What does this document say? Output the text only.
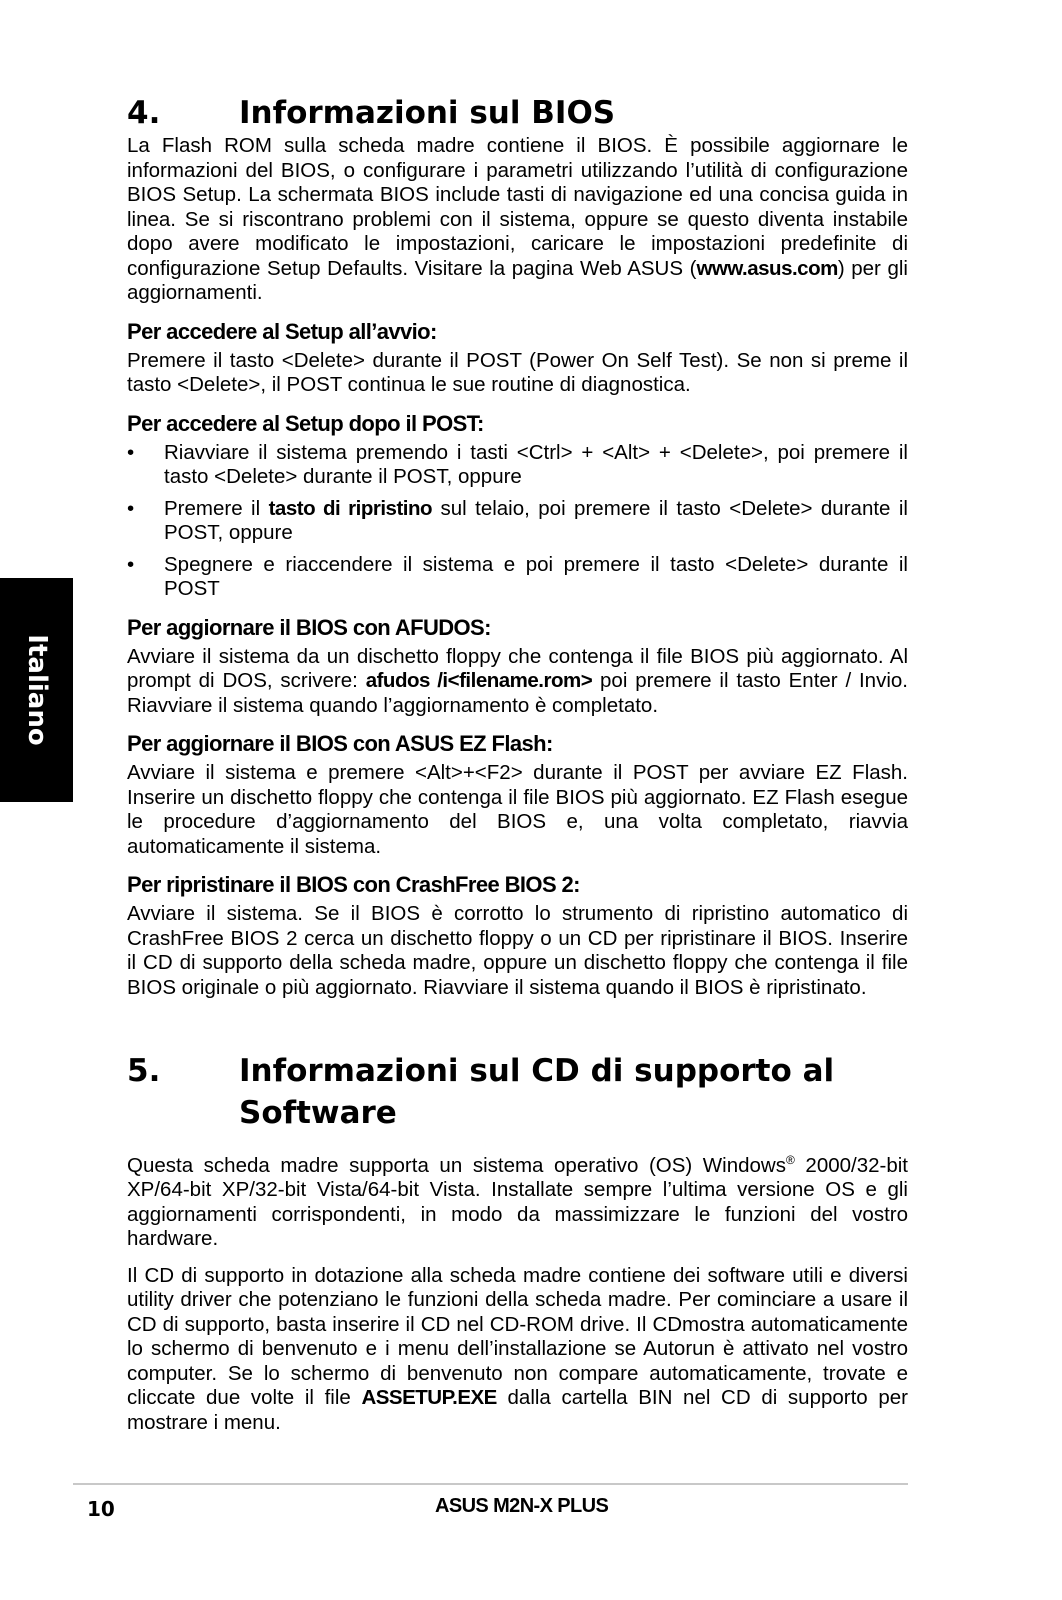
Italiano
4.	Informazioni sul BIOS

La Flash ROM sulla scheda madre contiene il BIOS. È possibile aggiornare le informazioni del BIOS, o configurare i parametri utilizzando l’utilità di configurazione BIOS Setup. La schermata BIOS include tasti di navigazione ed una concisa guida in linea. Se si riscontrano problemi con il sistema, oppure se questo diventa instabile dopo avere modificato le impostazioni, caricare le impostazioni predefinite di configurazione Setup Defaults. Visitare la pagina Web ASUS (www.asus.com) per gli aggiornamenti.

Per accedere al Setup all’avvio:

Premere il tasto <Delete> durante il POST (Power On Self Test). Se non si preme il tasto <Delete>, il POST continua le sue routine di diagnostica.

Per accedere al Setup dopo il POST:
•	Riavviare il sistema premendo i tasti <Ctrl> + <Alt> + <Delete>, poi premere il tasto <Delete> durante il POST, oppure
•	Premere il tasto di ripristino sul telaio, poi premere il tasto <Delete> durante il POST, oppure
•	Spegnere e riaccendere il sistema e poi premere il tasto <Delete> durante il POST
Per aggiornare il BIOS con AFUDOS:

Avviare il sistema da un dischetto floppy che contenga il file BIOS più aggiornato. Al prompt di DOS, scrivere: afudos /i<filename.rom> poi premere il tasto Enter / Invio. Riavviare il sistema quando l’aggiornamento è completato.

Per aggiornare il BIOS con ASUS EZ Flash:

Avviare il sistema e premere <Alt>+<F2> durante il POST per avviare EZ Flash. Inserire un dischetto floppy che contenga il file BIOS più aggiornato. EZ Flash esegue le procedure d’aggiornamento del BIOS e, una volta completato, riavvia automaticamente il sistema.

Per ripristinare il BIOS con CrashFree BIOS 2:

Avviare il sistema. Se il BIOS è corrotto lo strumento di ripristino automatico di CrashFree BIOS 2 cerca un dischetto floppy o un CD per ripristinare il BIOS. Inserire il CD di supporto della scheda madre, oppure un dischetto floppy che contenga il file BIOS originale o più aggiornato. Riavviare il sistema quando il BIOS è ripristinato.

5.	Informazioni sul CD di supporto al Software

Questa scheda madre supporta un sistema operativo (OS) Windows® 2000/32-bit XP/64-bit XP/32-bit Vista/64-bit Vista. Installate sempre l’ultima versione OS e gli aggiornamenti corrispondenti, in modo da massimizzare le funzioni del vostro hardware.

Il CD di supporto in dotazione alla scheda madre contiene dei software utili e diversi utility driver che potenziano le funzioni della scheda madre. Per cominciare a usare il CD di supporto, basta inserire il CD nel CD-ROM drive. Il CDmostra automaticamente lo schermo di benvenuto e i menu dell’installazione se Autorun è attivato nel vostro computer. Se lo schermo di benvenuto non compare automaticamente, trovate e cliccate due volte il file ASSETUP.EXE dalla cartella BIN nel CD di supporto per mostrare i menu.

10	ASUS M2N-X PLUS
